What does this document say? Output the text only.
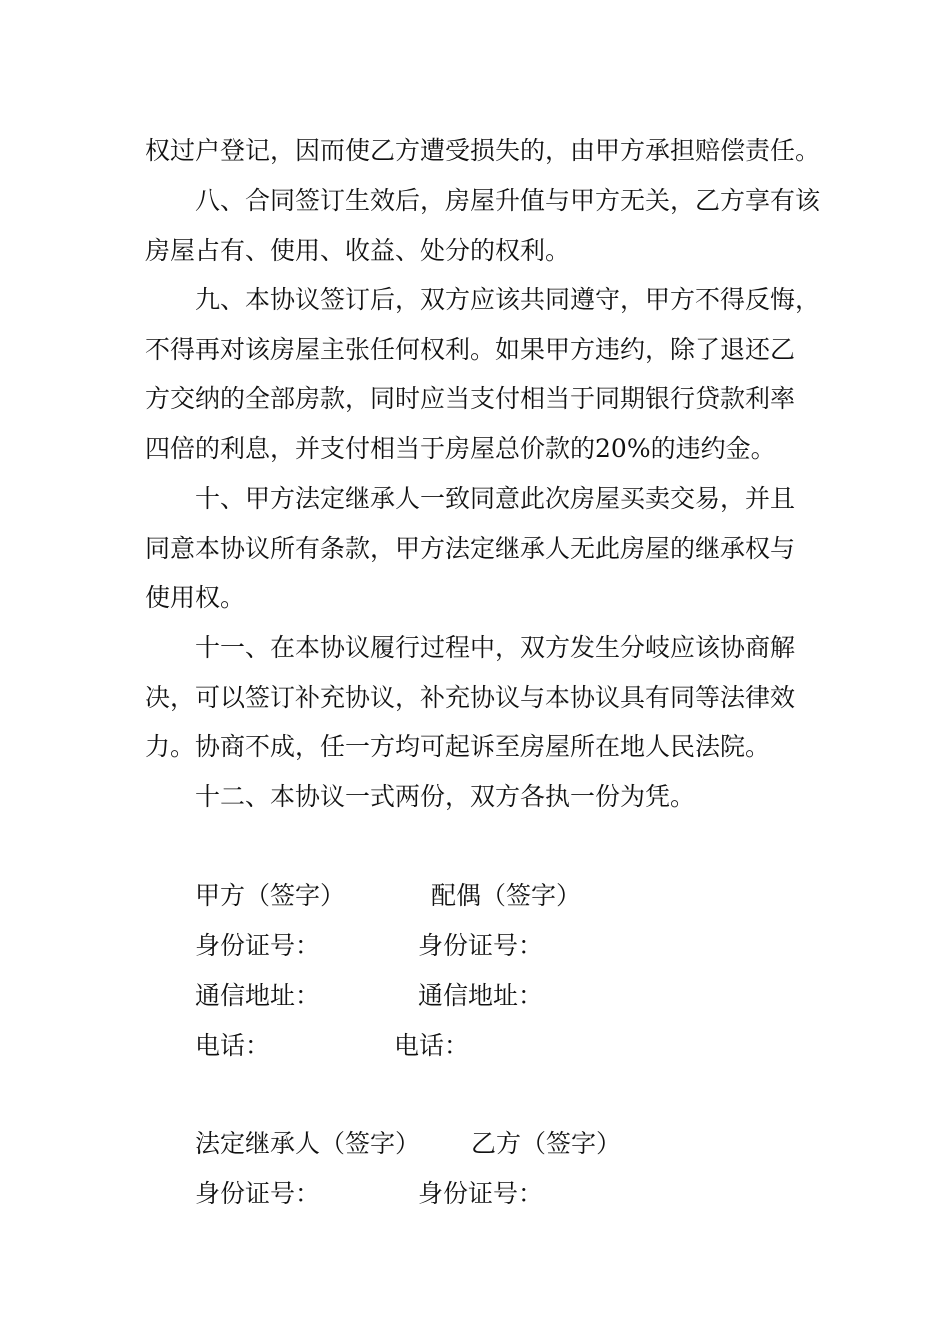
权过户登记，因而使乙方遭受损失的，由甲方承担赔偿责任。
八、合同签订生效后，房屋升值与甲方无关，乙方享有该
房屋占有、使用、收益、处分的权利。
九、本协议签订后，双方应该共同遵守，甲方不得反悔，
不得再对该房屋主张任何权利。如果甲方违约，除了退还乙
方交纳的全部房款，同时应当支付相当于同期银行贷款利率
四倍的利息，并支付相当于房屋总价款的20%的违约金。
十、甲方法定继承人一致同意此次房屋买卖交易，并且
同意本协议所有条款，甲方法定继承人无此房屋的继承权与
使用权。
十一、在本协议履行过程中，双方发生分岐应该协商解
决，可以签订补充协议，补充协议与本协议具有同等法律效
力。协商不成，任一方均可起诉至房屋所在地人民法院。
十二、本协议一式两份，双方各执一份为凭。
甲方（签字）	配偶（签字）
身份证号：	身份证号：
通信地址：	通信地址：
电话：	电话：
法定继承人（签字） 乙方（签字）
身份证号：	身份证号：
